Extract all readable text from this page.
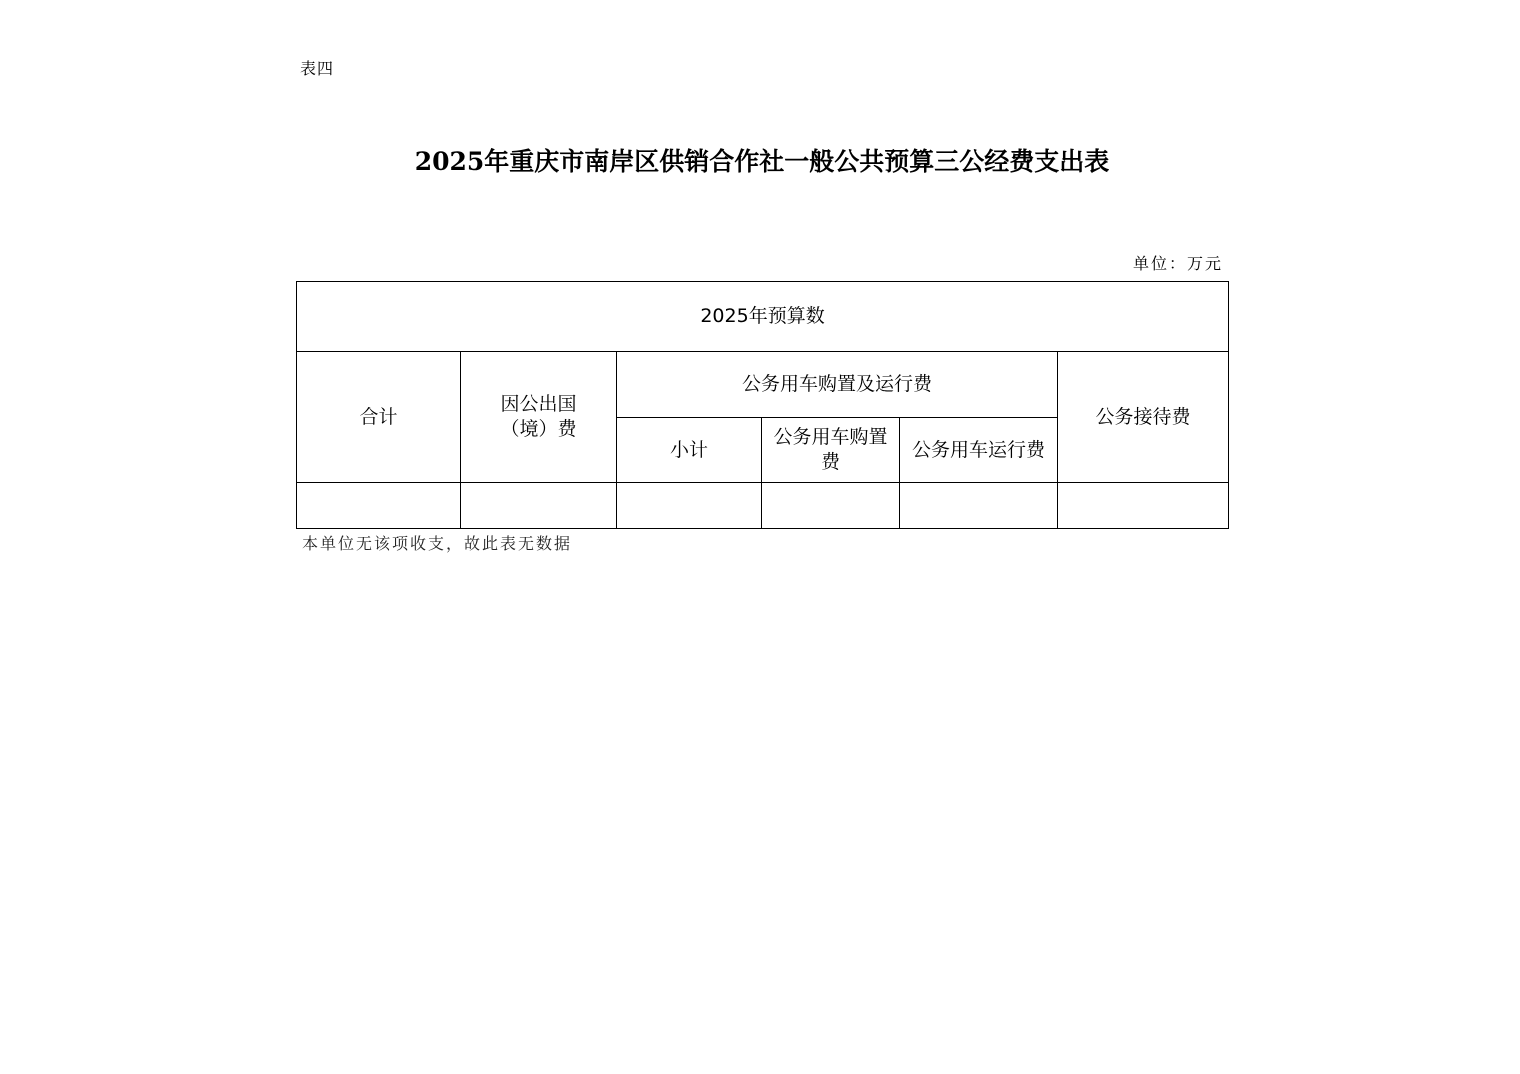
表四
2025年重庆市南岸区供销合作社一般公共预算三公经费支出表
单位：万元
2025年预算数					
合计	因公出国（境）费	公务用车购置及运行费			公务接待费
		小计	公务用车购置费	公务用车运行费	

本单位无该项收支，故此表无数据
